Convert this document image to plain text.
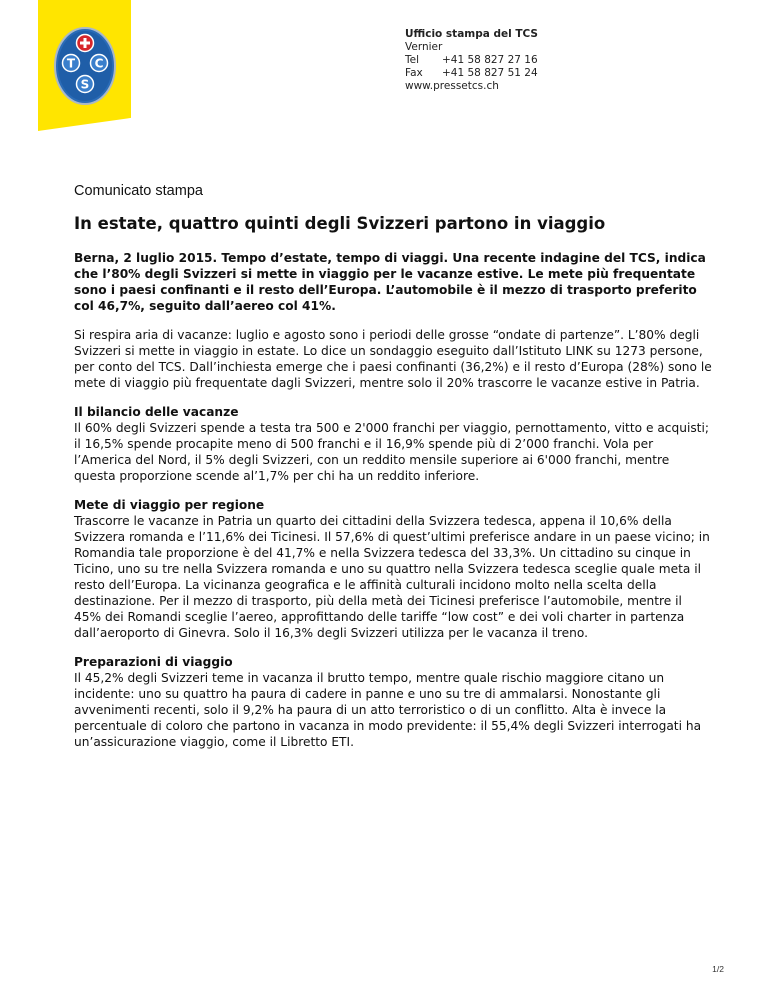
T C
S
Ufficio stampa del TCS
Vernier
Tel	+41 58 827 27 16
Fax	+41 58 827 51 24
www.pressetcs.ch
Comunicato stampa
In estate, quattro quinti degli Svizzeri partono in viaggio

Berna, 2 luglio 2015. Tempo d’estate, tempo di viaggi. Una recente indagine del TCS, indica che l’80% degli Svizzeri si mette in viaggio per le vacanze estive. Le mete più frequentate sono i paesi confinanti e il resto dell’Europa. L’automobile è il mezzo di trasporto preferito col 46,7%, seguito dall’aereo col 41%.

Si respira aria di vacanze: luglio e agosto sono i periodi delle grosse “ondate di partenze”. L’80% degli Svizzeri si mette in viaggio in estate. Lo dice un sondaggio eseguito dall’Istituto LINK su 1273 persone, per conto del TCS. Dall’inchiesta emerge che i paesi confinanti (36,2%) e il resto d’Europa (28%) sono le mete di viaggio più frequentate dagli Svizzeri, mentre solo il 20% trascorre le vacanze estive in Patria.

Il bilancio delle vacanze
Il 60% degli Svizzeri spende a testa tra 500 e 2'000 franchi per viaggio, pernottamento, vitto e acquisti; il 16,5% spende procapite meno di 500 franchi e il 16,9% spende più di 2’000 franchi. Vola per l’America del Nord, il 5% degli Svizzeri, con un reddito mensile superiore ai 6'000 franchi, mentre questa proporzione scende al’1,7% per chi ha un reddito inferiore.

Mete di viaggio per regione
Trascorre le vacanze in Patria un quarto dei cittadini della Svizzera tedesca, appena il 10,6% della Svizzera romanda e l’11,6% dei Ticinesi. Il 57,6% di quest’ultimi preferisce andare in un paese vicino; in Romandia tale proporzione è del 41,7% e nella Svizzera tedesca del 33,3%. Un cittadino su cinque in Ticino, uno su tre nella Svizzera romanda e uno su quattro nella Svizzera tedesca sceglie quale meta il resto dell’Europa. La vicinanza geografica e le affinità culturali incidono molto nella scelta della destinazione. Per il mezzo di trasporto, più della metà dei Ticinesi preferisce l’automobile, mentre il 45% dei Romandi sceglie l’aereo, approfittando delle tariffe “low cost” e dei voli charter in partenza dall’aeroporto di Ginevra. Solo il 16,3% degli Svizzeri utilizza per le vacanza il treno.

Preparazioni di viaggio
Il 45,2% degli Svizzeri teme in vacanza il brutto tempo, mentre quale rischio maggiore citano un incidente: uno su quattro ha paura di cadere in panne e uno su tre di ammalarsi. Nonostante gli avvenimenti recenti, solo il 9,2% ha paura di un atto terroristico o di un conflitto. Alta è invece la percentuale di coloro che partono in vacanza in modo previdente: il 55,4% degli Svizzeri interrogati ha un’assicurazione viaggio, come il Libretto ETI.

1/2
